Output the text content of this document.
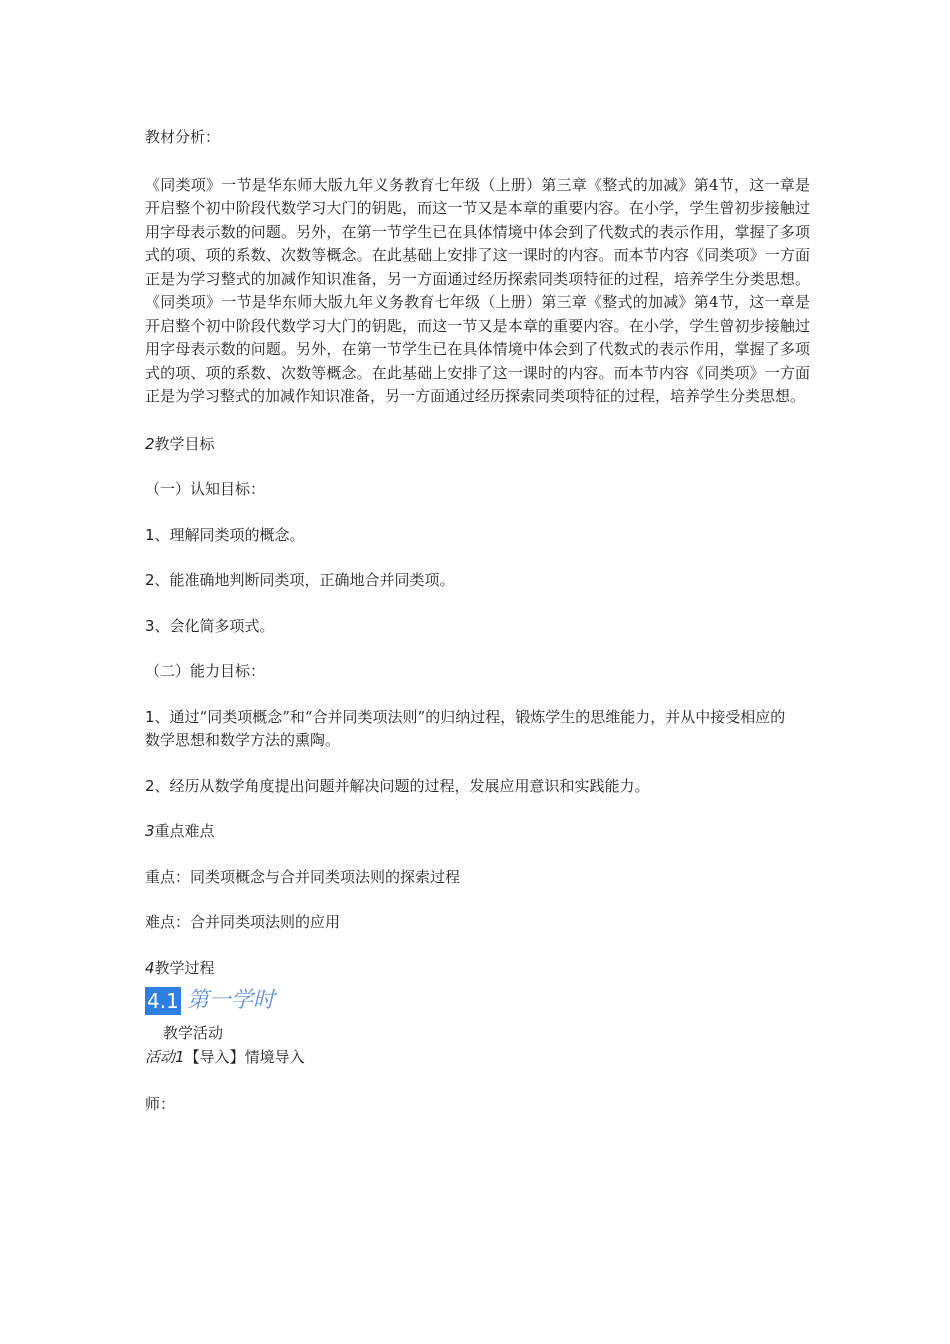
教材分析：

《同类项》一节是华东师大版九年义务教育七年级（上册）第三章《整式的加减》第4节，这一章是开启整个初中阶段代数学习大门的钥匙，而这一节又是本章的重要内容。在小学，学生曾初步接触过用字母表示数的问题。另外，在第一节学生已在具体情境中体会到了代数式的表示作用，掌握了多项式的项、项的系数、次数等概念。在此基础上安排了这一课时的内容。而本节内容《同类项》一方面正是为学习整式的加减作知识准备，另一方面通过经历探索同类项特征的过程，培养学生分类思想。《同类项》一节是华东师大版九年义务教育七年级（上册）第三章《整式的加减》第4节，这一章是开启整个初中阶段代数学习大门的钥匙，而这一节又是本章的重要内容。在小学，学生曾初步接触过用字母表示数的问题。另外，在第一节学生已在具体情境中体会到了代数式的表示作用，掌握了多项式的项、项的系数、次数等概念。在此基础上安排了这一课时的内容。而本节内容《同类项》一方面正是为学习整式的加减作知识准备，另一方面通过经历探索同类项特征的过程，培养学生分类思想。

2教学目标

（一）认知目标：

1、理解同类项的概念。

2、能准确地判断同类项，正确地合并同类项。

3、会化简多项式。

（二）能力目标：

1、通过“同类项概念”和“合并同类项法则”的归纳过程，锻炼学生的思维能力，并从中接受相应的数学思想和数学方法的熏陶。

2、经历从数学角度提出问题并解决问题的过程，发展应用意识和实践能力。

3重点难点

重点：同类项概念与合并同类项法则的探索过程

难点：合并同类项法则的应用

4教学过程

4.1 第一学时

教学活动

活动1【导入】情境导入

师：
